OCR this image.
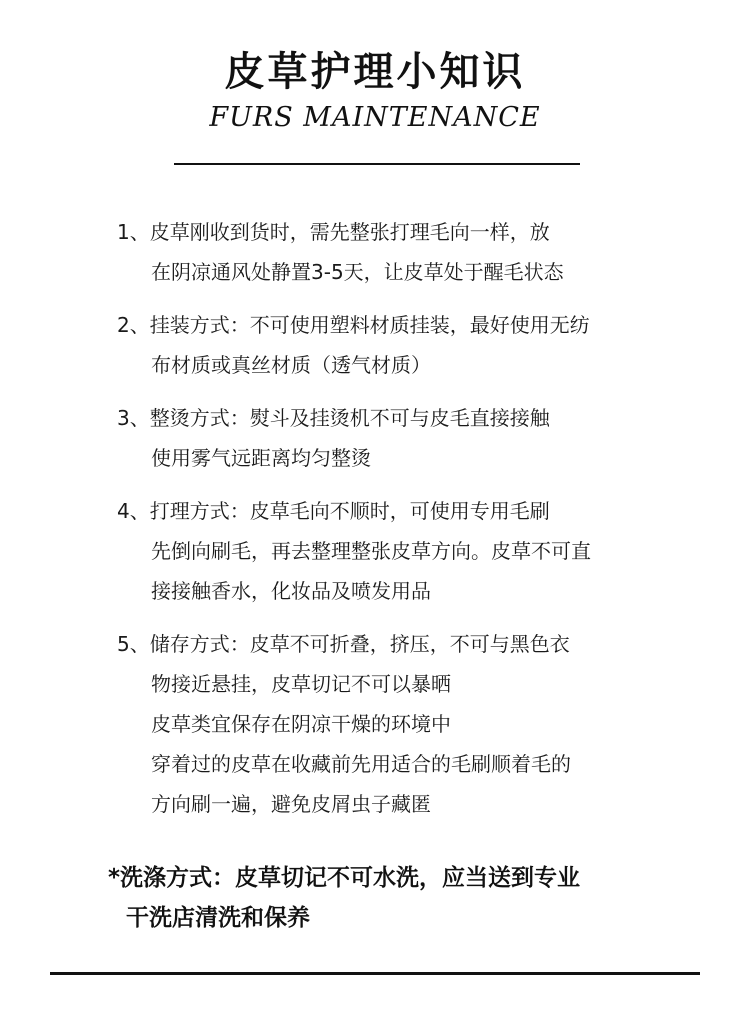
皮草护理小知识
FURS MAINTENANCE
1、皮草刚收到货时，需先整张打理毛向一样，放
在阴凉通风处静置3-5天，让皮草处于醒毛状态
2、挂装方式：不可使用塑料材质挂装，最好使用无纺
布材质或真丝材质（透气材质）
3、整烫方式：熨斗及挂烫机不可与皮毛直接接触
使用雾气远距离均匀整烫
4、打理方式：皮草毛向不顺时，可使用专用毛刷
先倒向刷毛，再去整理整张皮草方向。皮草不可直
接接触香水，化妆品及喷发用品
5、储存方式：皮草不可折叠，挤压，不可与黑色衣
物接近悬挂，皮草切记不可以暴晒
皮草类宜保存在阴凉干燥的环境中
穿着过的皮草在收藏前先用适合的毛刷顺着毛的
方向刷一遍，避免皮屑虫子藏匿
*洗涤方式：皮草切记不可水洗，应当送到专业
干洗店清洗和保养
